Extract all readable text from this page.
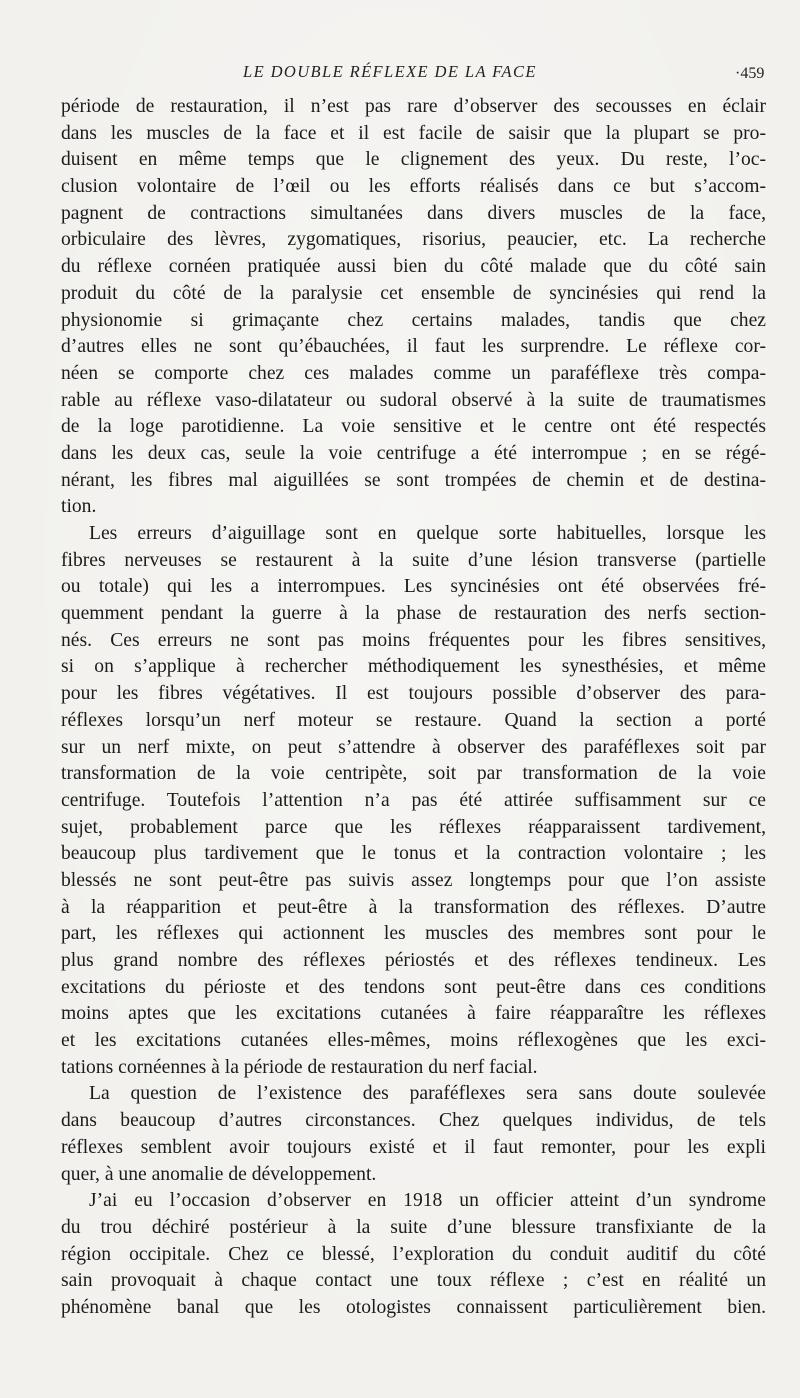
LE DOUBLE RÉFLEXE DE LA FACE	·459
période de restauration, il n’est pas rare d’observer des secousses en éclair
dans les muscles de la face et il est facile de saisir que la plupart se pro-
duisent en même temps que le clignement des yeux. Du reste, l’oc-
clusion volontaire de l’œil ou les efforts réalisés dans ce but s’accom-
pagnent de contractions simultanées dans divers muscles de la face,
orbiculaire des lèvres, zygomatiques, risorius, peaucier, etc. La recherche
du réflexe cornéen pratiquée aussi bien du côté malade que du côté sain
produit du côté de la paralysie cet ensemble de syncinésies qui rend la
physionomie si grimaçante chez certains malades, tandis que chez
d’autres elles ne sont qu’ébauchées, il faut les surprendre. Le réflexe cor-
néen se comporte chez ces malades comme un paraféflexe très compa-
rable au réflexe vaso-dilatateur ou sudoral observé à la suite de traumatismes
de la loge parotidienne. La voie sensitive et le centre ont été respectés
dans les deux cas, seule la voie centrifuge a été interrompue ; en se régé-
nérant, les fibres mal aiguillées se sont trompées de chemin et de destina-
tion.
Les erreurs d’aiguillage sont en quelque sorte habituelles, lorsque les
fibres nerveuses se restaurent à la suite d’une lésion transverse (partielle
ou totale) qui les a interrompues. Les syncinésies ont été observées fré-
quemment pendant la guerre à la phase de restauration des nerfs section-
nés. Ces erreurs ne sont pas moins fréquentes pour les fibres sensitives,
si on s’applique à rechercher méthodiquement les synesthésies, et même
pour les fibres végétatives. Il est toujours possible d’observer des para-
réflexes lorsqu’un nerf moteur se restaure. Quand la section a porté
sur un nerf mixte, on peut s’attendre à observer des paraféflexes soit par
transformation de la voie centripète, soit par transformation de la voie
centrifuge. Toutefois l’attention n’a pas été attirée suffisamment sur ce
sujet, probablement parce que les réflexes réapparaissent tardivement,
beaucoup plus tardivement que le tonus et la contraction volontaire ; les
blessés ne sont peut-être pas suivis assez longtemps pour que l’on assiste
à la réapparition et peut-être à la transformation des réflexes. D’autre
part, les réflexes qui actionnent les muscles des membres sont pour le
plus grand nombre des réflexes périostés et des réflexes tendineux. Les
excitations du périoste et des tendons sont peut-être dans ces conditions
moins aptes que les excitations cutanées à faire réapparaître les réflexes
et les excitations cutanées elles-mêmes, moins réflexogènes que les exci-
tations cornéennes à la période de restauration du nerf facial.
La question de l’existence des paraféflexes sera sans doute soulevée
dans beaucoup d’autres circonstances. Chez quelques individus, de tels
réflexes semblent avoir toujours existé et il faut remonter, pour les expli
quer, à une anomalie de développement.
J’ai eu l’occasion d’observer en 1918 un officier atteint d’un syndrome
du trou déchiré postérieur à la suite d’une blessure transfixiante de la
région occipitale. Chez ce blessé, l’exploration du conduit auditif du côté
sain provoquait à chaque contact une toux réflexe ; c’est en réalité un
phénomène banal que les otologistes connaissent particulièrement bien.
